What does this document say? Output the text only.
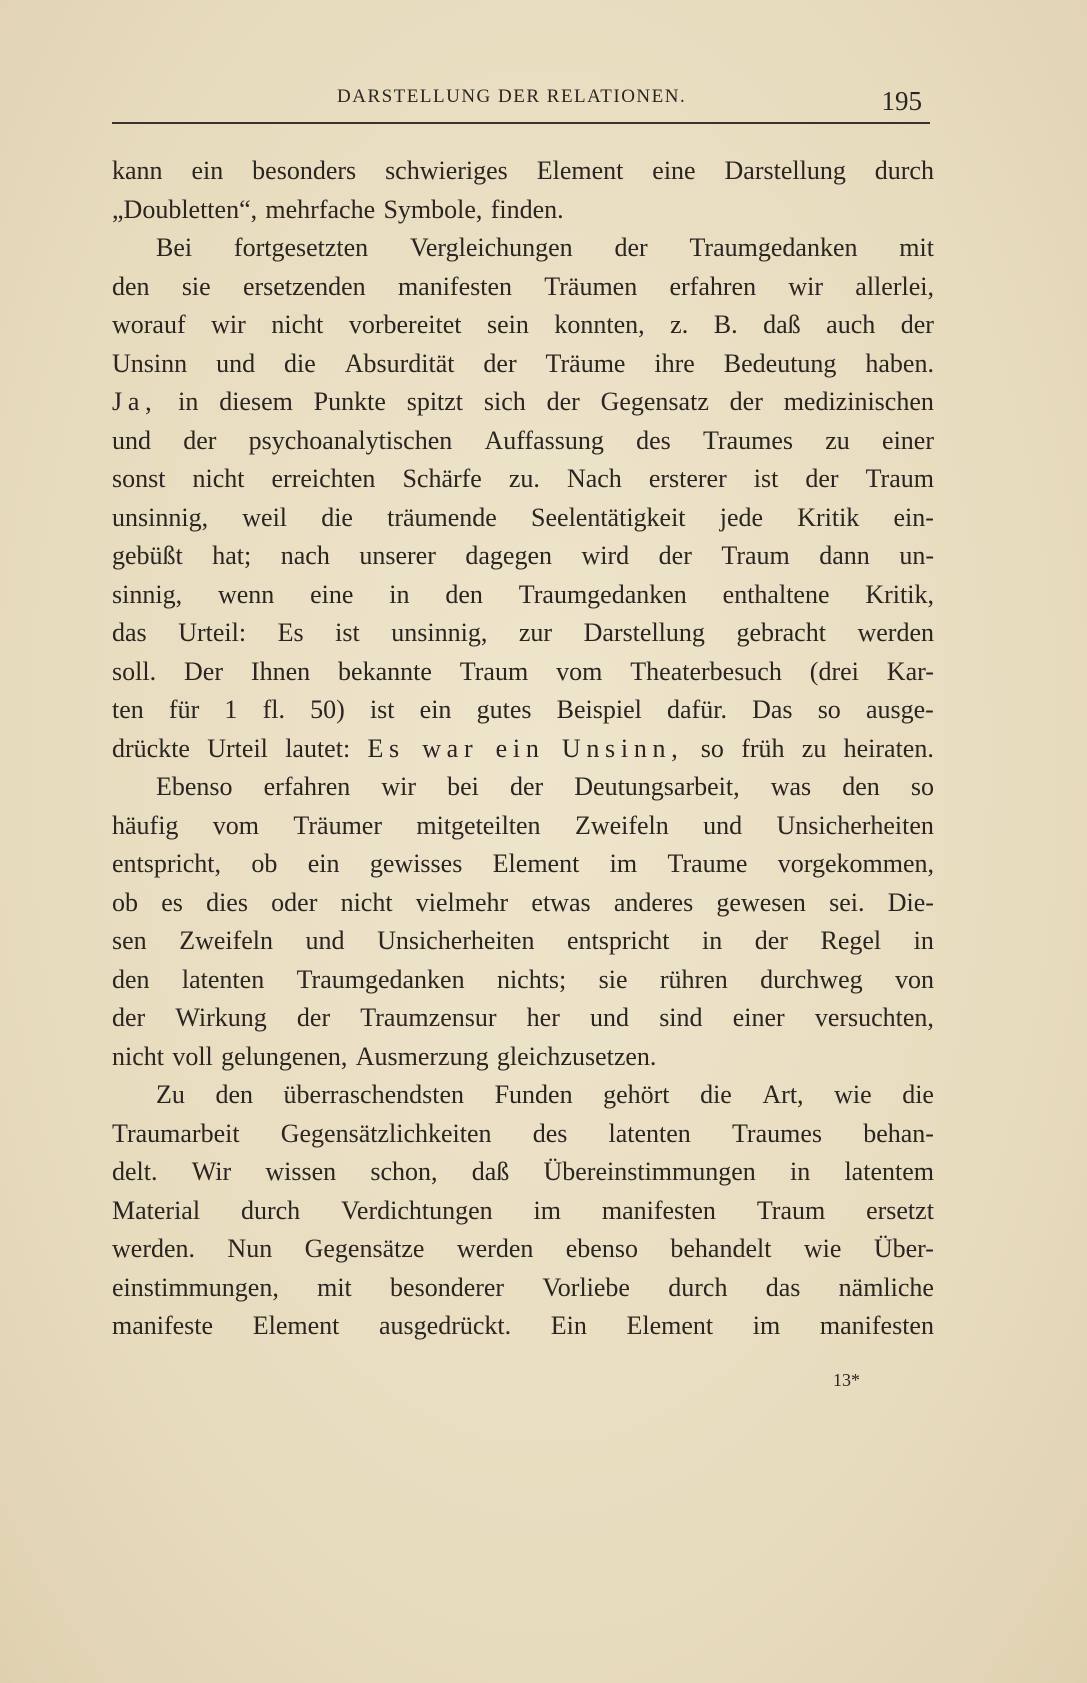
DARSTELLUNG DER RELATIONEN.	195
kann ein besonders schwieriges Element eine Darstellung durch
„Doubletten“, mehrfache Symbole, finden.
Bei fortgesetzten Vergleichungen der Traumgedanken mit
den sie ersetzenden manifesten Träumen erfahren wir allerlei,
worauf wir nicht vorbereitet sein konnten, z. B. daß auch der
Unsinn und die Absurdität der Träume ihre Bedeutung haben.
Ja, in diesem Punkte spitzt sich der Gegensatz der medizinischen
und der psychoanalytischen Auffassung des Traumes zu einer
sonst nicht erreichten Schärfe zu. Nach ersterer ist der Traum
unsinnig, weil die träumende Seelentätigkeit jede Kritik ein-
gebüßt hat; nach unserer dagegen wird der Traum dann un-
sinnig, wenn eine in den Traumgedanken enthaltene Kritik,
das Urteil: Es ist unsinnig, zur Darstellung gebracht werden
soll. Der Ihnen bekannte Traum vom Theaterbesuch (drei Kar-
ten für 1 fl. 50) ist ein gutes Beispiel dafür. Das so ausge-
drückte Urteil lautet: Es war ein Unsinn, so früh zu heiraten.
Ebenso erfahren wir bei der Deutungsarbeit, was den so
häufig vom Träumer mitgeteilten Zweifeln und Unsicherheiten
entspricht, ob ein gewisses Element im Traume vorgekommen,
ob es dies oder nicht vielmehr etwas anderes gewesen sei. Die-
sen Zweifeln und Unsicherheiten entspricht in der Regel in
den latenten Traumgedanken nichts; sie rühren durchweg von
der Wirkung der Traumzensur her und sind einer versuchten,
nicht voll gelungenen, Ausmerzung gleichzusetzen.
Zu den überraschendsten Funden gehört die Art, wie die
Traumarbeit Gegensätzlichkeiten des latenten Traumes behan-
delt. Wir wissen schon, daß Übereinstimmungen in latentem
Material durch Verdichtungen im manifesten Traum ersetzt
werden. Nun Gegensätze werden ebenso behandelt wie Über-
einstimmungen, mit besonderer Vorliebe durch das nämliche
manifeste Element ausgedrückt. Ein Element im manifesten
13*
